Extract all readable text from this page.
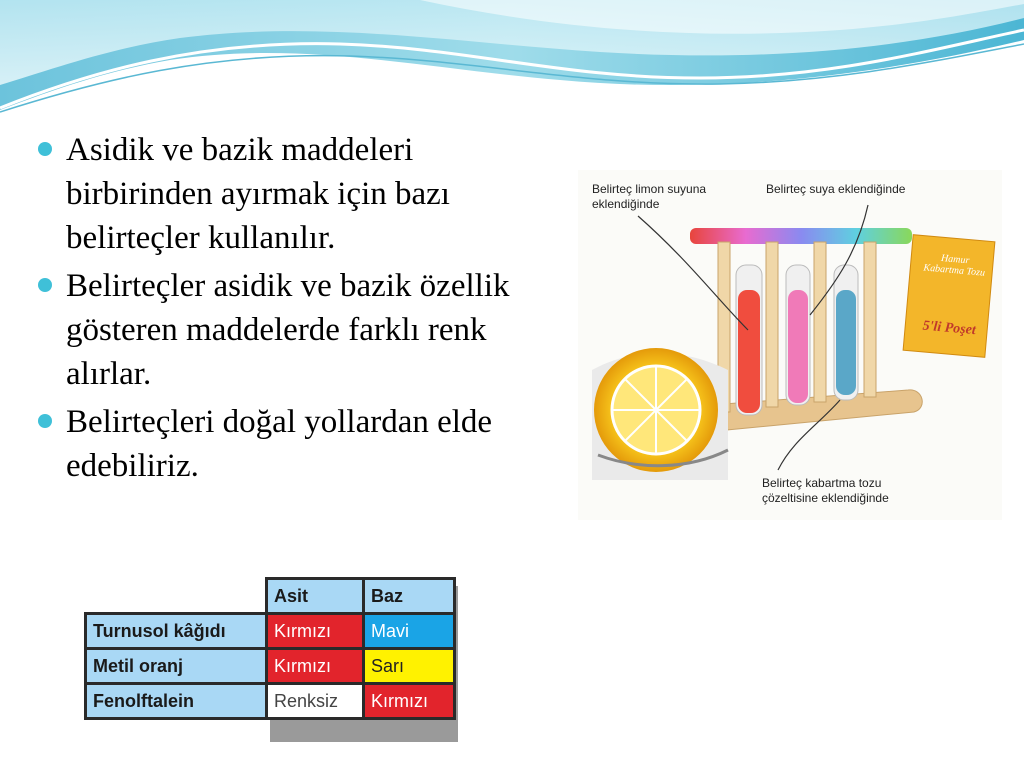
Asidik ve bazik maddeleri birbirinden ayırmak için bazı belirteçler kullanılır.
Belirteçler asidik ve bazik özellik gösteren maddelerde farklı renk alırlar.
Belirteçleri doğal yollardan elde edebiliriz.
Belirteç limon suyuna
eklendiğinde
Belirteç suya eklendiğinde
Belirteç kabartma tozu
çözeltisine eklendiğinde
Hamur
Kabartma Tozu
5'li Poşet
	Asit	Baz
Turnusol kâğıdı	Kırmızı	Mavi
Metil oranj	Kırmızı	Sarı
Fenolftalein	Renksiz	Kırmızı
